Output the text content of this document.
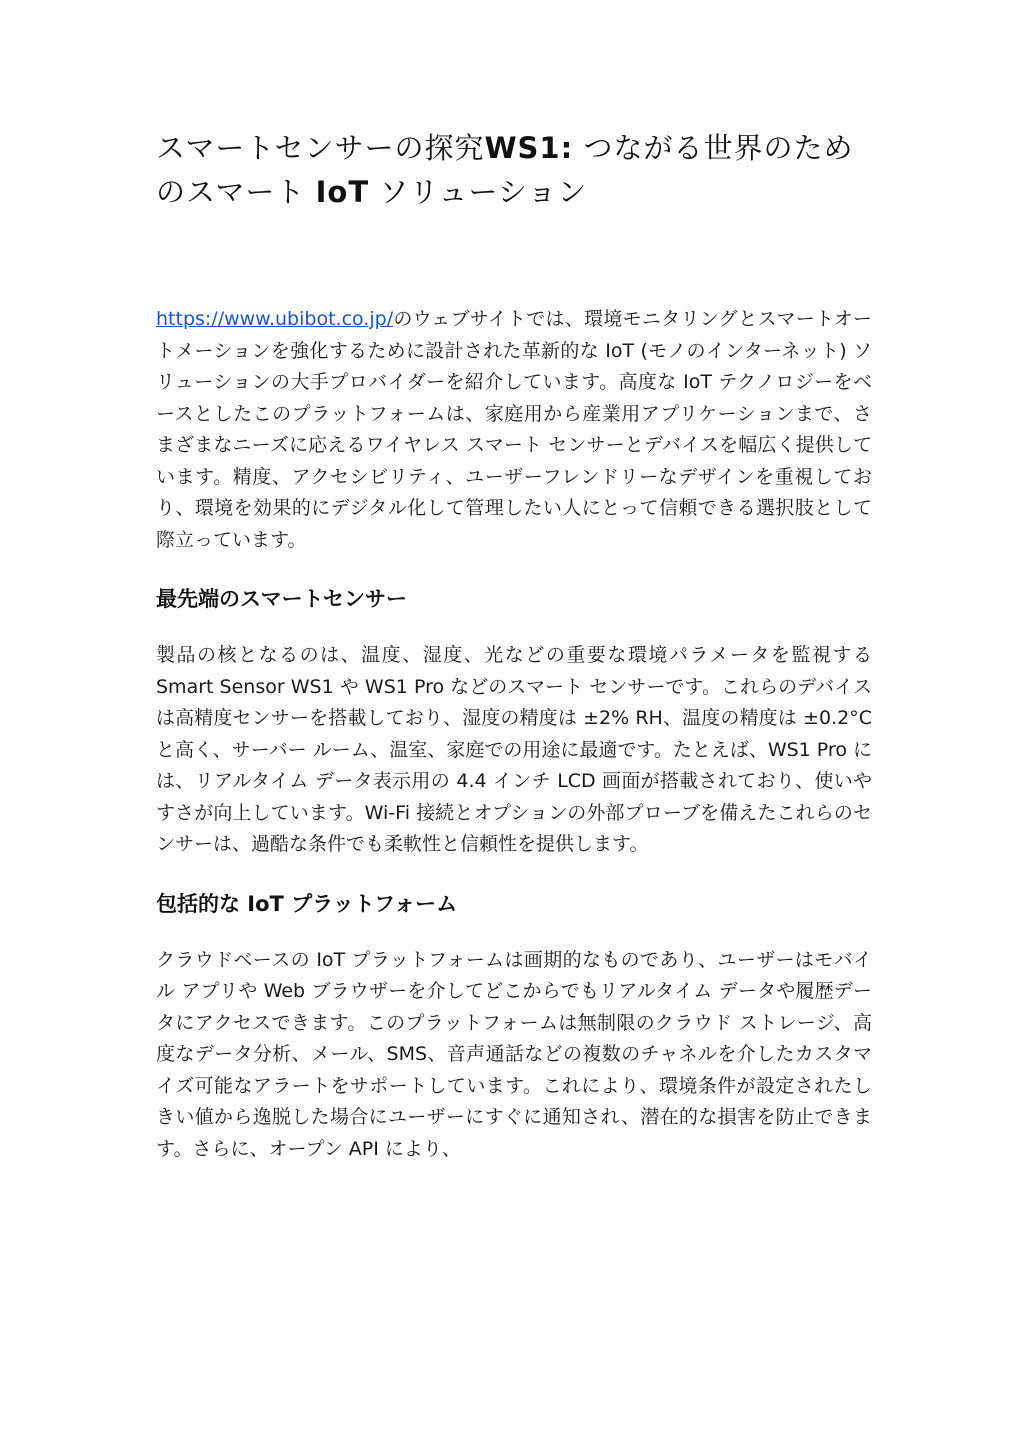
スマートセンサーの探究WS1: つながる世界のためのスマート IoT ソリューション

https://www.ubibot.co.jp/のウェブサイトでは、環境モニタリングとスマートオートメーションを強化するために設計された革新的な IoT (モノのインターネット) ソリューションの大手プロバイダーを紹介しています。高度な IoT テクノロジーをベースとしたこのプラットフォームは、家庭用から産業用アプリケーションまで、さまざまなニーズに応えるワイヤレス スマート センサーとデバイスを幅広く提供しています。精度、アクセシビリティ、ユーザーフレンドリーなデザインを重視しており、環境を効果的にデジタル化して管理したい人にとって信頼できる選択肢として際立っています。

最先端のスマートセンサー

製品の核となるのは、温度、湿度、光などの重要な環境パラメータを監視する Smart Sensor WS1 や WS1 Pro などのスマート センサーです。これらのデバイスは高精度センサーを搭載しており、湿度の精度は ±2% RH、温度の精度は ±0.2°C と高く、サーバー ルーム、温室、家庭での用途に最適です。たとえば、WS1 Pro には、リアルタイム データ表示用の 4.4 インチ LCD 画面が搭載されており、使いやすさが向上しています。Wi-Fi 接続とオプションの外部プローブを備えたこれらのセンサーは、過酷な条件でも柔軟性と信頼性を提供します。

包括的な IoT プラットフォーム

クラウドベースの IoT プラットフォームは画期的なものであり、ユーザーはモバイル アプリや Web ブラウザーを介してどこからでもリアルタイム データや履歴データにアクセスできます。このプラットフォームは無制限のクラウド ストレージ、高度なデータ分析、メール、SMS、音声通話などの複数のチャネルを介したカスタマイズ可能なアラートをサポートしています。これにより、環境条件が設定されたしきい値から逸脱した場合にユーザーにすぐに通知され、潜在的な損害を防止できます。さらに、オープン API により、
